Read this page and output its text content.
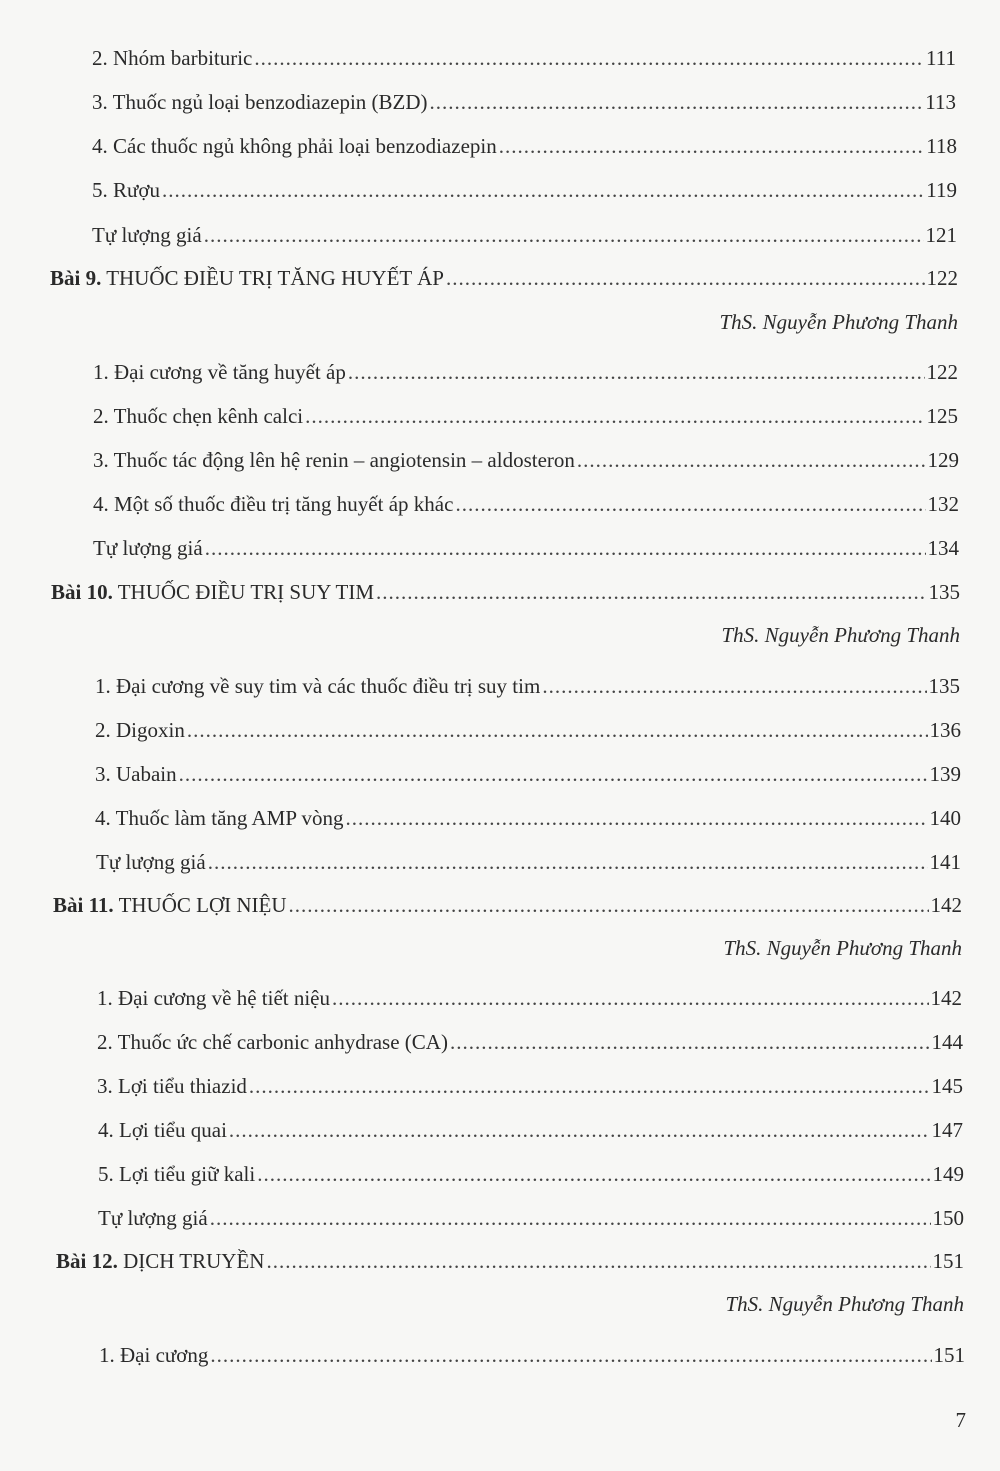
2. Nhóm barbituric .....	111
3. Thuốc ngủ loại benzodiazepin (BZD) .....	113
4. Các thuốc ngủ không phải loại benzodiazepin .....	118
5. Rượu .....	119
Tự lượng giá .....	121
Bài 9. THUỐC ĐIỀU TRỊ TĂNG HUYẾT ÁP .....	122
ThS. Nguyễn Phương Thanh
1. Đại cương về tăng huyết áp .....	122
2. Thuốc chẹn kênh calci .....	125
3. Thuốc tác động lên hệ renin – angiotensin – aldosteron .....	129
4. Một số thuốc điều trị tăng huyết áp khác .....	132
Tự lượng giá .....	134
Bài 10. THUỐC ĐIỀU TRỊ SUY TIM .....	135
ThS. Nguyễn Phương Thanh
1. Đại cương về suy tim và các thuốc điều trị suy tim .....	135
2. Digoxin .....	136
3. Uabain .....	139
4. Thuốc làm tăng AMP vòng .....	140
Tự lượng giá .....	141
Bài 11. THUỐC LỢI NIỆU .....	142
ThS. Nguyễn Phương Thanh
1. Đại cương về hệ tiết niệu .....	142
2. Thuốc ức chế carbonic anhydrase (CA) .....	144
3. Lợi tiểu thiazid .....	145
4. Lợi tiểu quai .....	147
5. Lợi tiểu giữ kali .....	149
Tự lượng giá .....	150
Bài 12. DỊCH TRUYỀN .....	151
ThS. Nguyễn Phương Thanh
1. Đại cương .....	151
7
